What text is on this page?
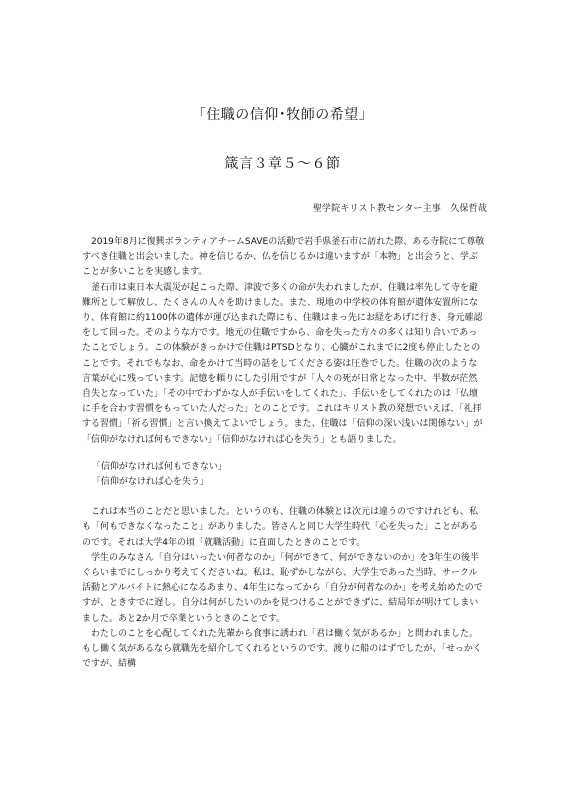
「住職の信仰･牧師の希望」
箴言３章５〜６節
聖学院キリスト教センター主事　久保哲哉

2019年8月に復興ボランティアチームSAVEの活動で岩手県釜石市に訪れた際、ある寺院にて尊敬すべき住職と出会いました。神を信じるか、仏を信じるかは違いますが「本物」と出会うと、学ぶことが多いことを実感します。

釜石市は東日本大震災が起こった際、津波で多くの命が失われましたが、住職は率先して寺を避難所として解放し、たくさんの人々を助けました。また、現地の中学校の体育館が遺体安置所になり、体育館に約1100体の遺体が運び込まれた際にも、住職はまっ先にお経をあげに行き、身元確認をして回った。そのような方です。地元の住職ですから、命を失った方々の多くは知り合いであったことでしょう。この体験がきっかけで住職はPTSDとなり、心臓がこれまでに2度も停止したとのことです。それでもなお、命をかけて当時の話をしてくださる姿は圧巻でした。住職の次のような言葉が心に残っています。記憶を頼りにした引用ですが「人々の死が日常となった中、半数が茫然自失となっていた」「その中でわずかな人が手伝いをしてくれた」、手伝いをしてくれたのは「仏壇に手を合わす習慣をもっていた人だった」とのことです。これはキリスト教の発想でいえば、「礼拝する習慣」「祈る習慣」と言い換えてよいでしょう。また、住職は「信仰の深い浅いは関係ない」が「信仰がなければ何もできない」「信仰がなければ心を失う」とも語りました。

「信仰がなければ何もできない」
「信仰がなければ心を失う」

これは本当のことだと思いました。というのも、住職の体験とは次元は違うのですけれども、私も「何もできなくなったこと」がありました。皆さんと同じ大学生時代「心を失った」ことがあるのです。それは大学4年の頃「就職活動」に直面したときのことです。

学生のみなさん「自分はいったい何者なのか」「何ができて、何ができないのか」を3年生の後半ぐらいまでにしっかり考えてくださいね。私は、恥ずかしながら、大学生であった当時、サークル活動とアルバイトに熱心になるあまり、4年生になってから「自分が何者なのか」を考え始めたのですが、ときすでに遅し。自分は何がしたいのかを見つけることができずに、結局年が明けてしまいました。あと2か月で卒業というときのことです。

わたしのことを心配してくれた先輩から食事に誘われ「君は働く気があるか」と問われました。もし働く気があるなら就職先を紹介してくれるというのです。渡りに船のはずでしたが、「せっかくですが、結構
